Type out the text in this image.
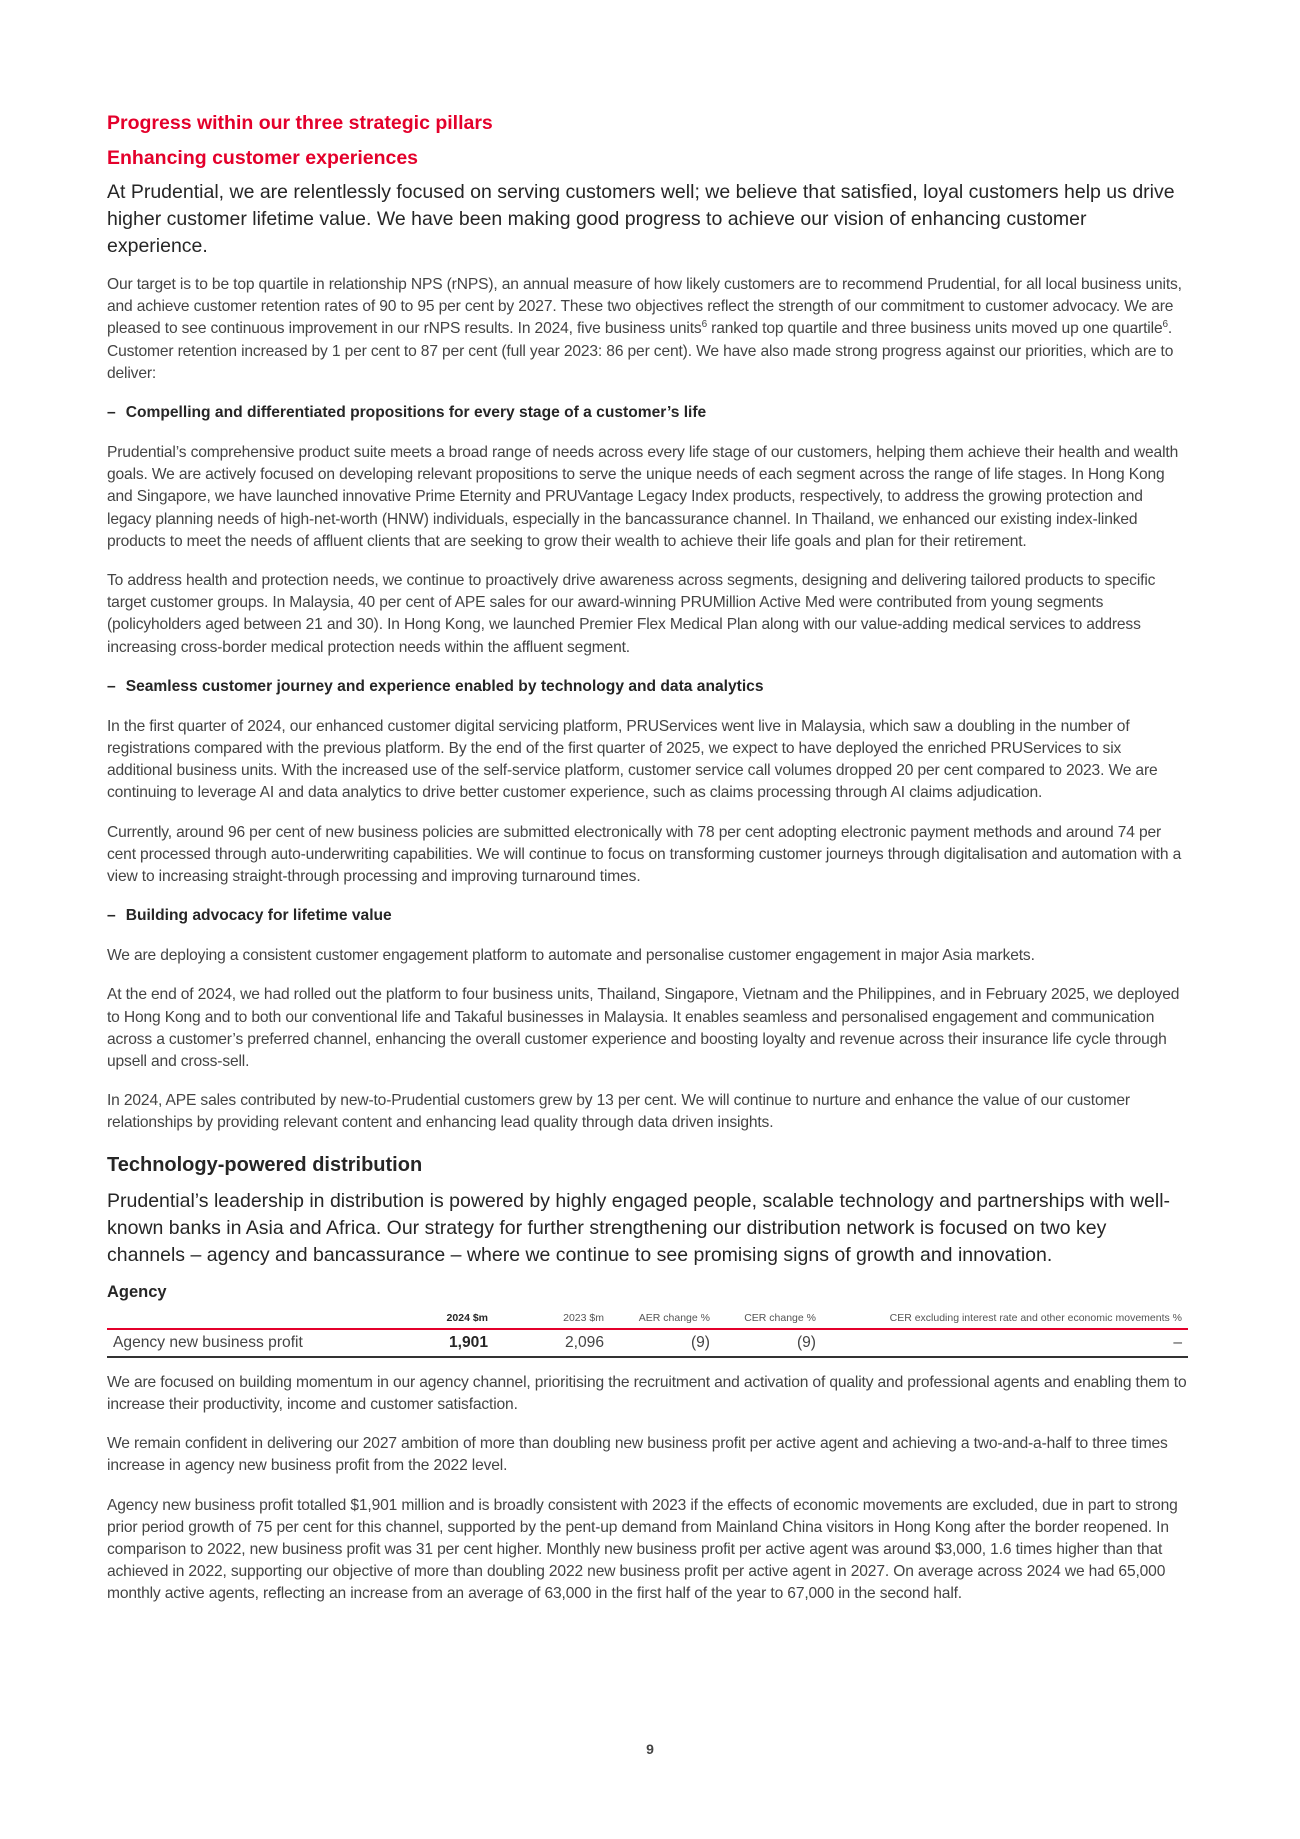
Progress within our three strategic pillars
Enhancing customer experiences

At Prudential, we are relentlessly focused on serving customers well; we believe that satisfied, loyal customers help us drive higher customer lifetime value. We have been making good progress to achieve our vision of enhancing customer experience.

Our target is to be top quartile in relationship NPS (rNPS), an annual measure of how likely customers are to recommend Prudential, for all local business units, and achieve customer retention rates of 90 to 95 per cent by 2027. These two objectives reflect the strength of our commitment to customer advocacy. We are pleased to see continuous improvement in our rNPS results. In 2024, five business units$^6$ ranked top quartile and three business units moved up one quartile$^6$. Customer retention increased by 1 per cent to 87 per cent (full year 2023: 86 per cent). We have also made strong progress against our priorities, which are to deliver:

– Compelling and differentiated propositions for every stage of a customer’s life

Prudential’s comprehensive product suite meets a broad range of needs across every life stage of our customers, helping them achieve their health and wealth goals. We are actively focused on developing relevant propositions to serve the unique needs of each segment across the range of life stages. In Hong Kong and Singapore, we have launched innovative Prime Eternity and PRUVantage Legacy Index products, respectively, to address the growing protection and legacy planning needs of high-net-worth (HNW) individuals, especially in the bancassurance channel. In Thailand, we enhanced our existing index-linked products to meet the needs of affluent clients that are seeking to grow their wealth to achieve their life goals and plan for their retirement.

To address health and protection needs, we continue to proactively drive awareness across segments, designing and delivering tailored products to specific target customer groups. In Malaysia, 40 per cent of APE sales for our award-winning PRUMillion Active Med were contributed from young segments (policyholders aged between 21 and 30). In Hong Kong, we launched Premier Flex Medical Plan along with our value-adding medical services to address increasing cross-border medical protection needs within the affluent segment.

– Seamless customer journey and experience enabled by technology and data analytics

In the first quarter of 2024, our enhanced customer digital servicing platform, PRUServices went live in Malaysia, which saw a doubling in the number of registrations compared with the previous platform. By the end of the first quarter of 2025, we expect to have deployed the enriched PRUServices to six additional business units. With the increased use of the self-service platform, customer service call volumes dropped 20 per cent compared to 2023. We are continuing to leverage AI and data analytics to drive better customer experience, such as claims processing through AI claims adjudication.

Currently, around 96 per cent of new business policies are submitted electronically with 78 per cent adopting electronic payment methods and around 74 per cent processed through auto-underwriting capabilities. We will continue to focus on transforming customer journeys through digitalisation and automation with a view to increasing straight-through processing and improving turnaround times.

– Building advocacy for lifetime value

We are deploying a consistent customer engagement platform to automate and personalise customer engagement in major Asia markets.

At the end of 2024, we had rolled out the platform to four business units, Thailand, Singapore, Vietnam and the Philippines, and in February 2025, we deployed to Hong Kong and to both our conventional life and Takaful businesses in Malaysia. It enables seamless and personalised engagement and communication across a customer’s preferred channel, enhancing the overall customer experience and boosting loyalty and revenue across their insurance life cycle through upsell and cross-sell.

In 2024, APE sales contributed by new-to-Prudential customers grew by 13 per cent. We will continue to nurture and enhance the value of our customer relationships by providing relevant content and enhancing lead quality through data driven insights.

Technology-powered distribution

Prudential’s leadership in distribution is powered by highly engaged people, scalable technology and partnerships with well-known banks in Asia and Africa. Our strategy for further strengthening our distribution network is focused on two key channels – agency and bancassurance – where we continue to see promising signs of growth and innovation.

Agency
	2024 $m	2023 $m	AER change %	CER change %	CER excluding interest rate and other economic movements %
Agency new business profit	1,901	2,096	(9)	(9)	–

We are focused on building momentum in our agency channel, prioritising the recruitment and activation of quality and professional agents and enabling them to increase their productivity, income and customer satisfaction.

We remain confident in delivering our 2027 ambition of more than doubling new business profit per active agent and achieving a two-and-a-half to three times increase in agency new business profit from the 2022 level.

Agency new business profit totalled $1,901 million and is broadly consistent with 2023 if the effects of economic movements are excluded, due in part to strong prior period growth of 75 per cent for this channel, supported by the pent-up demand from Mainland China visitors in Hong Kong after the border reopened. In comparison to 2022, new business profit was 31 per cent higher. Monthly new business profit per active agent was around $3,000, 1.6 times higher than that achieved in 2022, supporting our objective of more than doubling 2022 new business profit per active agent in 2027. On average across 2024 we had 65,000 monthly active agents, reflecting an increase from an average of 63,000 in the first half of the year to 67,000 in the second half.

9
